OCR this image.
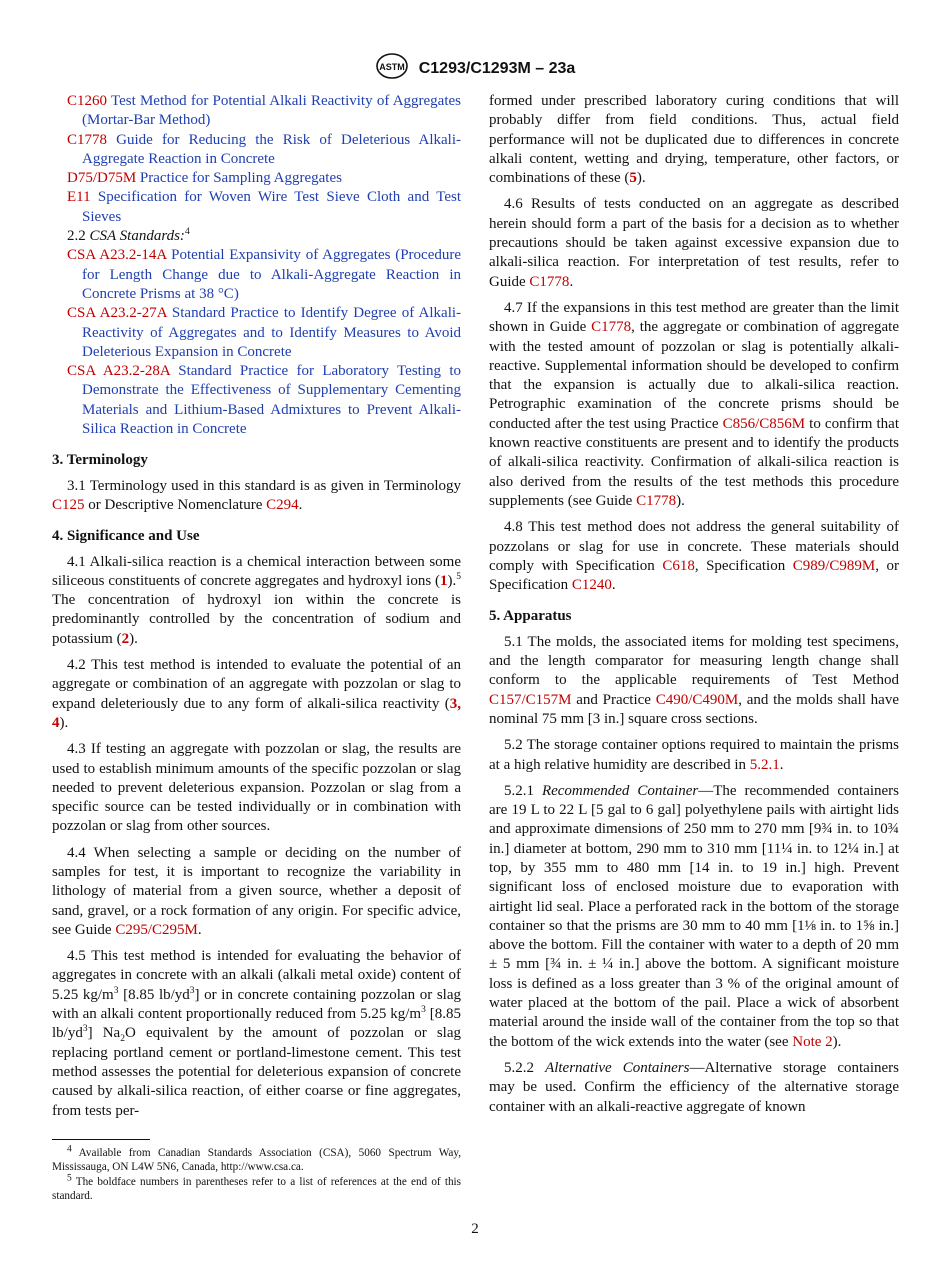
ASTM C1293/C1293M – 23a

C1260 Test Method for Potential Alkali Reactivity of Aggregates (Mortar-Bar Method)

C1778 Guide for Reducing the Risk of Deleterious Alkali-Aggregate Reaction in Concrete

D75/D75M Practice for Sampling Aggregates

E11 Specification for Woven Wire Test Sieve Cloth and Test Sieves

2.2 CSA Standards:$^4$

CSA A23.2-14A Potential Expansivity of Aggregates (Procedure for Length Change due to Alkali-Aggregate Reaction in Concrete Prisms at 38 °C)

CSA A23.2-27A Standard Practice to Identify Degree of Alkali-Reactivity of Aggregates and to Identify Measures to Avoid Deleterious Expansion in Concrete

CSA A23.2-28A Standard Practice for Laboratory Testing to Demonstrate the Effectiveness of Supplementary Cementing Materials and Lithium-Based Admixtures to Prevent Alkali-Silica Reaction in Concrete

3. Terminology

3.1 Terminology used in this standard is as given in Terminology C125 or Descriptive Nomenclature C294.

4. Significance and Use

4.1 Alkali-silica reaction is a chemical interaction between some siliceous constituents of concrete aggregates and hydroxyl ions (1).$^5$ The concentration of hydroxyl ion within the concrete is predominantly controlled by the concentration of sodium and potassium (2).

4.2 This test method is intended to evaluate the potential of an aggregate or combination of an aggregate with pozzolan or slag to expand deleteriously due to any form of alkali-silica reactivity (3, 4).

4.3 If testing an aggregate with pozzolan or slag, the results are used to establish minimum amounts of the specific pozzolan or slag needed to prevent deleterious expansion. Pozzolan or slag from a specific source can be tested individually or in combination with pozzolan or slag from other sources.

4.4 When selecting a sample or deciding on the number of samples for test, it is important to recognize the variability in lithology of material from a given source, whether a deposit of sand, gravel, or a rock formation of any origin. For specific advice, see Guide C295/C295M.

4.5 This test method is intended for evaluating the behavior of aggregates in concrete with an alkali (alkali metal oxide) content of 5.25 $kg/m^3$ [8.85 $lb/yd^3$] or in concrete containing pozzolan or slag with an alkali content proportionally reduced from 5.25 $kg/m^3$ [8.85 $lb/yd^3$] $Na_2O$ equivalent by the amount of pozzolan or slag replacing portland cement or portland-limestone cement. This test method assesses the potential for deleterious expansion of concrete caused by alkali-silica reaction, of either coarse or fine aggregates, from tests per-

$^4$ Available from Canadian Standards Association (CSA), 5060 Spectrum Way, Mississauga, ON L4W 5N6, Canada, http://www.csa.ca.

$^5$ The boldface numbers in parentheses refer to a list of references at the end of this standard.

formed under prescribed laboratory curing conditions that will probably differ from field conditions. Thus, actual field performance will not be duplicated due to differences in concrete alkali content, wetting and drying, temperature, other factors, or combinations of these (5).

4.6 Results of tests conducted on an aggregate as described herein should form a part of the basis for a decision as to whether precautions should be taken against excessive expansion due to alkali-silica reaction. For interpretation of test results, refer to Guide C1778.

4.7 If the expansions in this test method are greater than the limit shown in Guide C1778, the aggregate or combination of aggregate with the tested amount of pozzolan or slag is potentially alkali-reactive. Supplemental information should be developed to confirm that the expansion is actually due to alkali-silica reaction. Petrographic examination of the concrete prisms should be conducted after the test using Practice C856/C856M to confirm that known reactive constituents are present and to identify the products of alkali-silica reactivity. Confirmation of alkali-silica reaction is also derived from the results of the test methods this procedure supplements (see Guide C1778).

4.8 This test method does not address the general suitability of pozzolans or slag for use in concrete. These materials should comply with Specification C618, Specification C989/C989M, or Specification C1240.

5. Apparatus

5.1 The molds, the associated items for molding test specimens, and the length comparator for measuring length change shall conform to the applicable requirements of Test Method C157/C157M and Practice C490/C490M, and the molds shall have nominal 75 mm [3 in.] square cross sections.

5.2 The storage container options required to maintain the prisms at a high relative humidity are described in 5.2.1.

5.2.1 Recommended Container—The recommended containers are 19 L to 22 L [5 gal to 6 gal] polyethylene pails with airtight lids and approximate dimensions of 250 mm to 270 mm [9¾ in. to 10¾ in.] diameter at bottom, 290 mm to 310 mm [11¼ in. to 12¼ in.] at top, by 355 mm to 480 mm [14 in. to 19 in.] high. Prevent significant loss of enclosed moisture due to evaporation with airtight lid seal. Place a perforated rack in the bottom of the storage container so that the prisms are 30 mm to 40 mm [1⅛ in. to 1⅝ in.] above the bottom. Fill the container with water to a depth of 20 mm ± 5 mm [¾ in. ± ¼ in.] above the bottom. A significant moisture loss is defined as a loss greater than 3 % of the original amount of water placed at the bottom of the pail. Place a wick of absorbent material around the inside wall of the container from the top so that the bottom of the wick extends into the water (see Note 2).

5.2.2 Alternative Containers—Alternative storage containers may be used. Confirm the efficiency of the alternative storage container with an alkali-reactive aggregate of known

2
